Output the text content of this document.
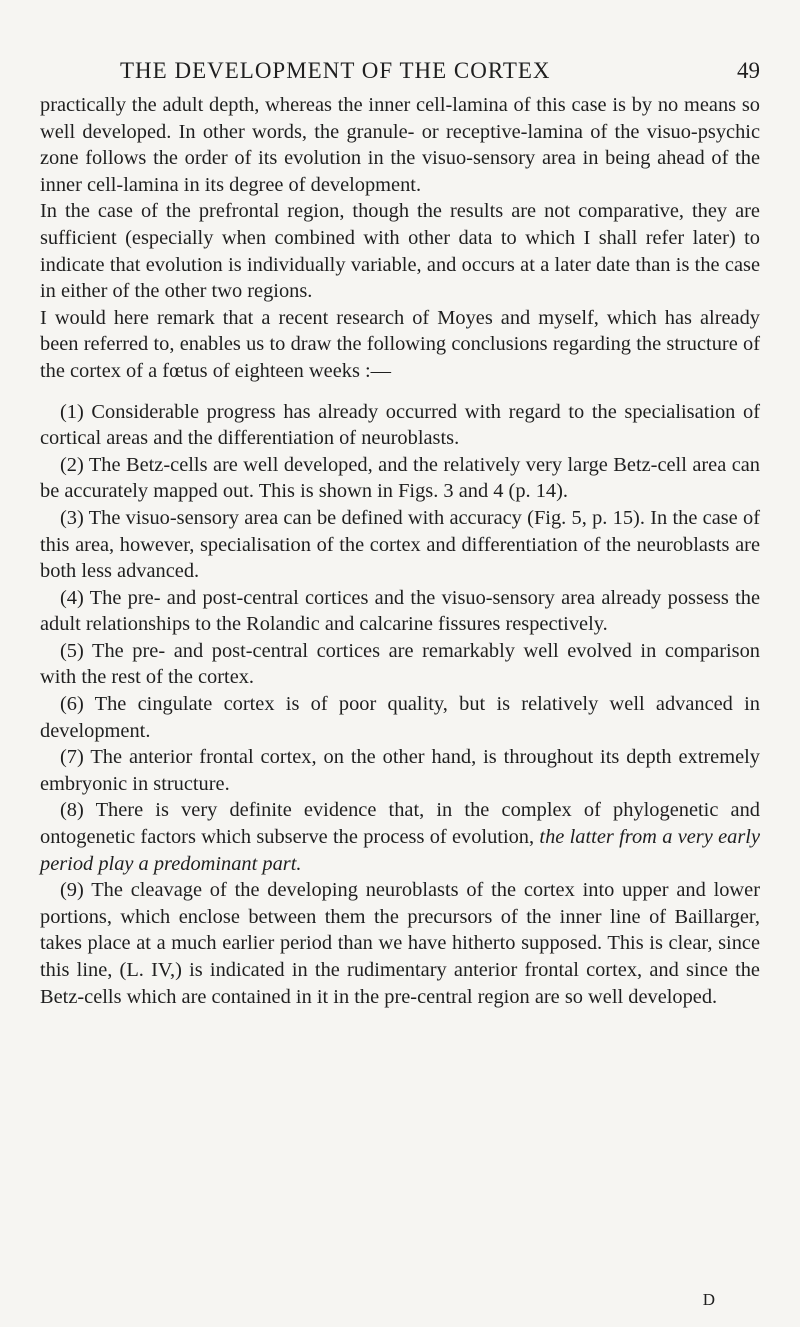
THE DEVELOPMENT OF THE CORTEX	49

practically the adult depth, whereas the inner cell-lamina of this case is by no means so well developed. In other words, the granule- or receptive-lamina of the visuo-psychic zone follows the order of its evolution in the visuo-sensory area in being ahead of the inner cell-lamina in its degree of development.

In the case of the prefrontal region, though the results are not comparative, they are sufficient (especially when combined with other data to which I shall refer later) to indicate that evolution is individually variable, and occurs at a later date than is the case in either of the other two regions.

I would here remark that a recent research of Moyes and myself, which has already been referred to, enables us to draw the following conclusions regarding the structure of the cortex of a fœtus of eighteen weeks :—

(1) Considerable progress has already occurred with regard to the specialisation of cortical areas and the differentiation of neuroblasts.

(2) The Betz-cells are well developed, and the relatively very large Betz-cell area can be accurately mapped out. This is shown in Figs. 3 and 4 (p. 14).

(3) The visuo-sensory area can be defined with accuracy (Fig. 5, p. 15). In the case of this area, however, specialisation of the cortex and differentiation of the neuroblasts are both less advanced.

(4) The pre- and post-central cortices and the visuo-sensory area already possess the adult relationships to the Rolandic and calcarine fissures respectively.

(5) The pre- and post-central cortices are remarkably well evolved in comparison with the rest of the cortex.

(6) The cingulate cortex is of poor quality, but is relatively well advanced in development.

(7) The anterior frontal cortex, on the other hand, is throughout its depth extremely embryonic in structure.

(8) There is very definite evidence that, in the complex of phylogenetic and ontogenetic factors which subserve the process of evolution, the latter from a very early period play a predominant part.

(9) The cleavage of the developing neuroblasts of the cortex into upper and lower portions, which enclose between them the precursors of the inner line of Baillarger, takes place at a much earlier period than we have hitherto supposed. This is clear, since this line, (L. IV,) is indicated in the rudimentary anterior frontal cortex, and since the Betz-cells which are contained in it in the pre-central region are so well developed.

D
